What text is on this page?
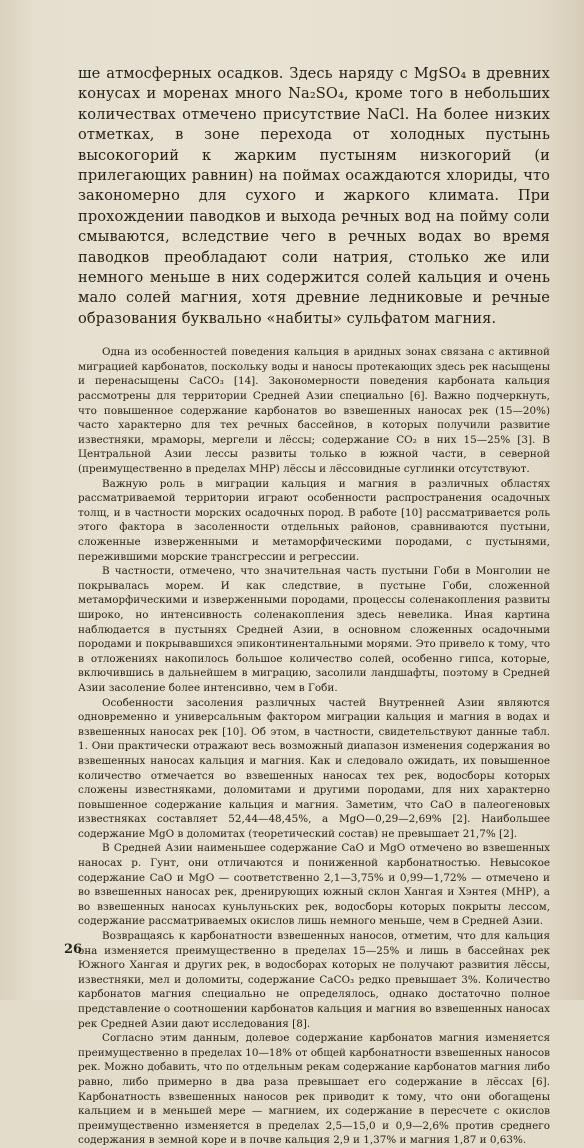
ше атмосферных осадков. Здесь наряду с MgSO₄ в древних конусах и моренах много Na₂SO₄, кроме того в небольших количествах отмечено присутствие NaCl. На более низких отметках, в зоне перехода от холодных пустынь высокогорий к жарким пустыням низкогорий (и прилегающих равнин) на поймах осаждаются хлориды, что закономерно для сухого и жаркого климата. При прохождении паводков и выхода речных вод на пойму соли смываются, вследствие чего в речных водах во время паводков преобладают соли натрия, столько же или немного меньше в них содержится солей кальция и очень мало солей магния, хотя древние ледниковые и речные образования буквально «набиты» сульфатом магния.

Одна из особенностей поведения кальция в аридных зонах связана с активной миграцией карбонатов, поскольку воды и наносы протекающих здесь рек насыщены и перенасыщены CaCO₃ [14]. Закономерности поведения карбоната кальция рассмотрены для территории Средней Азии специально [6]. Важно подчеркнуть, что повышенное содержание карбонатов во взвешенных наносах рек (15—20%) часто характерно для тех речных бассейнов, в которых получили развитие известняки, мраморы, мергели и лёссы; содержание CO₂ в них 15—25% [3]. В Центральной Азии лессы развиты только в южной части, в северной (преимущественно в пределах МНР) лёссы и лёссовидные суглинки отсутствуют.

Важную роль в миграции кальция и магния в различных областях рассматриваемой территории играют особенности распространения осадочных толщ, и в частности морских осадочных пород. В работе [10] рассматривается роль этого фактора в засоленности отдельных районов, сравниваются пустыни, сложенные изверженными и метаморфическими породами, с пустынями, пережившими морские трансгрессии и регрессии.

В частности, отмечено, что значительная часть пустыни Гоби в Монголии не покрывалась морем. И как следствие, в пустыне Гоби, сложенной метаморфическими и изверженными породами, процессы соленакопления развиты широко, но интенсивность соленакопления здесь невелика. Иная картина наблюдается в пустынях Средней Азии, в основном сложенных осадочными породами и покрывавшихся эпиконтинентальными морями. Это привело к тому, что в отложениях накопилось большое количество солей, особенно гипса, которые, включившись в дальнейшем в миграцию, засолили ландшафты, поэтому в Средней Азии засоление более интенсивно, чем в Гоби.

Особенности засоления различных частей Внутренней Азии являются одновременно и универсальным фактором миграции кальция и магния в водах и взвешенных наносах рек [10]. Об этом, в частности, свидетельствуют данные табл. 1. Они практически отражают весь возможный диапазон изменения содержания во взвешенных наносах кальция и магния. Как и следовало ожидать, их повышенное количество отмечается во взвешенных наносах тех рек, водосборы которых сложены известняками, доломитами и другими породами, для них характерно повышенное содержание кальция и магния. Заметим, что CaO в палеогеновых известняках составляет 52,44—48,45%, а MgO—0,29—2,69% [2]. Наибольшее содержание MgO в доломитах (теоретический состав) не превышает 21,7% [2].

В Средней Азии наименьшее содержание CaO и MgO отмечено во взвешенных наносах р. Гунт, они отличаются и пониженной карбонатностью. Невысокое содержание CaO и MgO — соответственно 2,1—3,75% и 0,99—1,72% — отмечено и во взвешенных наносах рек, дренирующих южный склон Хангая и Хэнтея (МНР), а во взвешенных наносах куньлуньских рек, водосборы которых покрыты лессом, содержание рассматриваемых окислов лишь немного меньше, чем в Средней Азии.

Возвращаясь к карбонатности взвешенных наносов, отметим, что для кальция она изменяется преимущественно в пределах 15—25% и лишь в бассейнах рек Южного Хангая и других рек, в водосборах которых не получают развития лёссы, известняки, мел и доломиты, содержание CaCO₃ редко превышает 3%. Количество карбонатов магния специально не определялось, однако достаточно полное представление о соотношении карбонатов кальция и магния во взвешенных наносах рек Средней Азии дают исследования [8].

Согласно этим данным, долевое содержание карбонатов магния изменяется преимущественно в пределах 10—18% от общей карбонатности взвешенных наносов рек. Можно добавить, что по отдельным рекам содержание карбонатов магния либо равно, либо примерно в два раза превышает его содержание в лёссах [6]. Карбонатность взвешенных наносов рек приводит к тому, что они обогащены кальцием и в меньшей мере — магнием, их содержание в пересчете с окислов преимущественно изменяется в пределах 2,5—15,0 и 0,9—2,6% против среднего содержания в земной коре и в почве кальция 2,9 и 1,37% и магния 1,87 и 0,63%.

26
